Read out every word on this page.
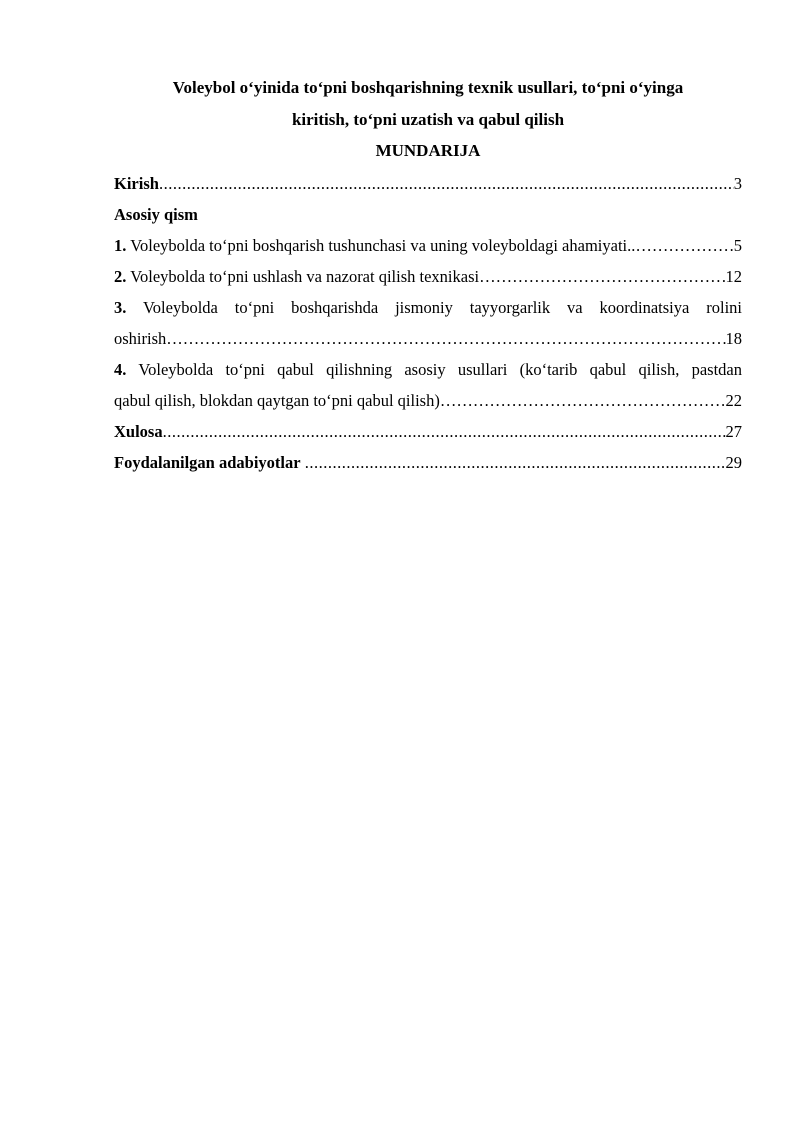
Voleybol o‘yinida to‘pni boshqarishning texnik usullari, to‘pni o‘yinga

kiritish, to‘pni uzatish va qabul qilish

MUNDARIJA

Kirish .....	3
Asosiy qism
1. Voleybolda to‘pni boshqarish tushunchasi va uning voleyboldagi ahamiyati.. ……………………………………………………………………………………………………………………………………………………………………………………	5
2. Voleybolda to‘pni ushlash va nazorat qilish texnikasi ……………………………………………………………………………………………………………………………………………………………………………………	12
3. Voleybolda to‘pni boshqarishda jismoniy tayyorgarlik va koordinatsiya rolini
oshirish ……………………………………………………………………………………………………………………………………………………………………………………	18
4. Voleybolda to‘pni qabul qilishning asosiy usullari (ko‘tarib qabul qilish, pastdan
qabul qilish, blokdan qaytgan to‘pni qabul qilish) ……………………………………………………………………………………………………………………………………………………………………………………	22
Xulosa .....	27
Foydalanilgan adabiyotlar
.....	29
